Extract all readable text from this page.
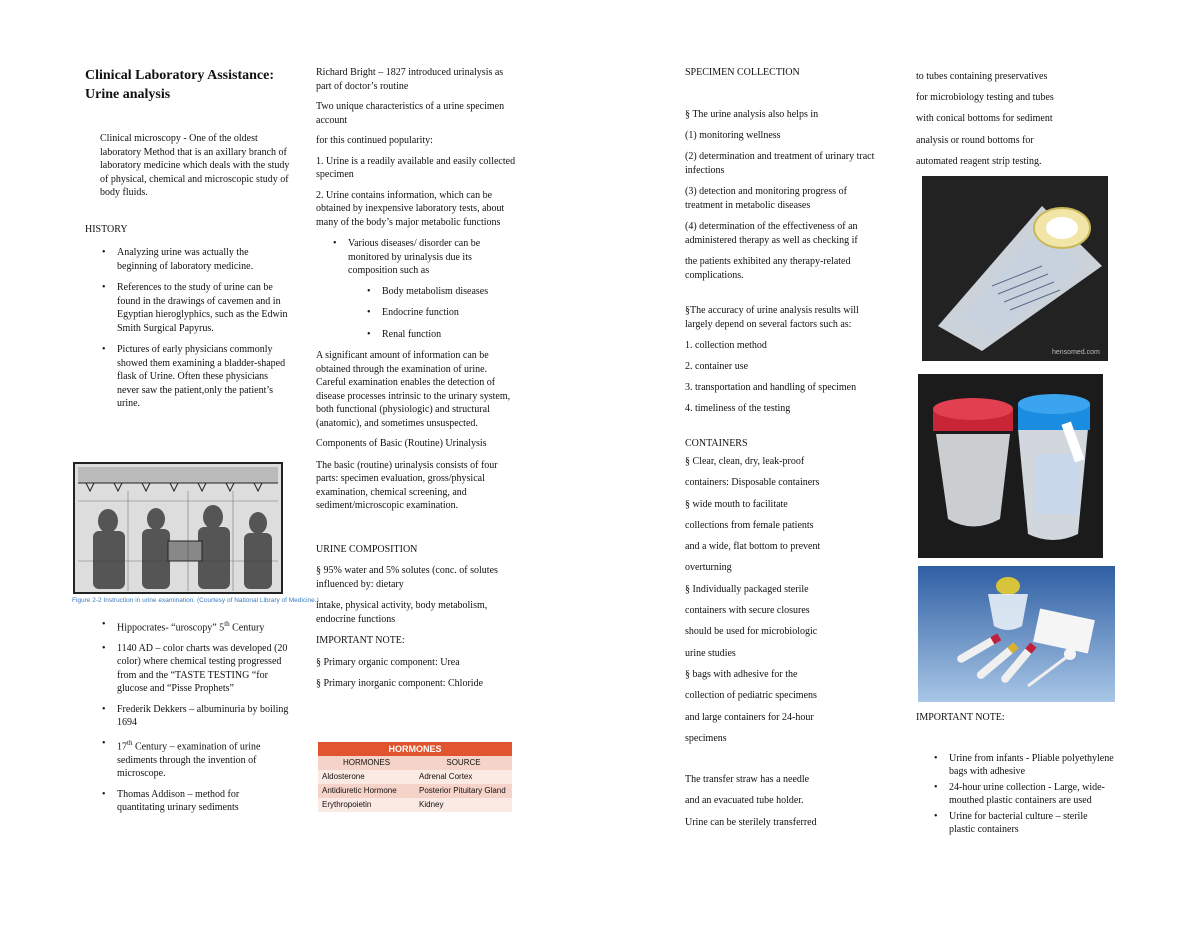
Clinical Laboratory Assistance:

Urine analysis

Clinical microscopy - One of the oldest laboratory Method that is an axillary branch of laboratory medicine which deals with the study of physical, chemical and microscopic study of body fluids.

HISTORY

• Analyzing urine was actually the beginning of laboratory medicine.
• References to the study of urine can be found in the drawings of cavemen and in Egyptian hieroglyphics, such as the Edwin Smith Surgical Papyrus.
• Pictures of early physicians commonly showed them examining a bladder-shaped flask of Urine. Often these physicians never saw the patient,only the patient’s urine.
Figure 2-2 Instruction in urine examination. (Courtesy of National Library of Medicine.)
• Hippocrates- “uroscopy” 5th Century
• 1140 AD – color charts was developed (20 color) where chemical testing progressed from and the “TASTE TESTING “for glucose and “Pisse Prophets”
• Frederik Dekkers – albuminuria by boiling 1694
• 17th Century – examination of urine sediments through the invention of microscope.
• Thomas Addison – method for quantitating urinary sediments

Richard Bright – 1827 introduced urinalysis as part of doctor’s routine

Two unique characteristics of a urine specimen account

for this continued popularity:

1. Urine is a readily available and easily collected specimen

2. Urine contains information, which can be obtained by inexpensive laboratory tests, about many of the body’s major metabolic functions

• Various diseases/ disorder can be monitored by urinalysis due its composition such as
• Body metabolism diseases
• Endocrine function
• Renal function

A significant amount of information can be obtained through the examination of urine. Careful examination enables the detection of disease processes intrinsic to the urinary system, both functional (physiologic) and structural (anatomic), and sometimes unsuspected.

Components of Basic (Routine) Urinalysis

The basic (routine) urinalysis consists of four parts: specimen evaluation, gross/physical examination, chemical screening, and sediment/microscopic examination.

URINE COMPOSITION

§ 95% water and 5% solutes (conc. of solutes influenced by: dietary

intake, physical activity, body metabolism, endocrine functions

IMPORTANT NOTE:

§ Primary organic component: Urea

§ Primary inorganic component: Chloride

HORMONES	
HORMONES	SOURCE
Aldosterone	Adrenal Cortex
Antidiuretic Hormone	Posterior Pituitary Gland
Erythropoietin	Kidney

SPECIMEN COLLECTION

§ The urine analysis also helps in

(1) monitoring wellness

(2) determination and treatment of urinary tract infections

(3) detection and monitoring progress of treatment in metabolic diseases

(4) determination of the effectiveness of an administered therapy as well as checking if

the patients exhibited any therapy-related complications.

§The accuracy of urine analysis results will largely depend on several factors such as:

1. collection method

2. container use

3. transportation and handling of specimen

4. timeliness of the testing

CONTAINERS

§ Clear, clean, dry, leak-proof

containers: Disposable containers

§ wide mouth to facilitate

collections from female patients

and a wide, flat bottom to prevent

overturning

§ Individually packaged sterile

containers with secure closures

should be used for microbiologic

urine studies

§ bags with adhesive for the

collection of pediatric specimens

and large containers for 24-hour

specimens

The transfer straw has a needle

and an evacuated tube holder.

Urine can be sterilely transferred

to tubes containing preservatives

for microbiology testing and tubes

with conical bottoms for sediment

analysis or round bottoms for

automated reagent strip testing.

hensomed.com

IMPORTANT NOTE:

• Urine from infants - Pliable polyethylene bags with adhesive
• 24-hour urine collection - Large, wide-mouthed plastic containers are used
• Urine for bacterial culture – sterile plastic containers
